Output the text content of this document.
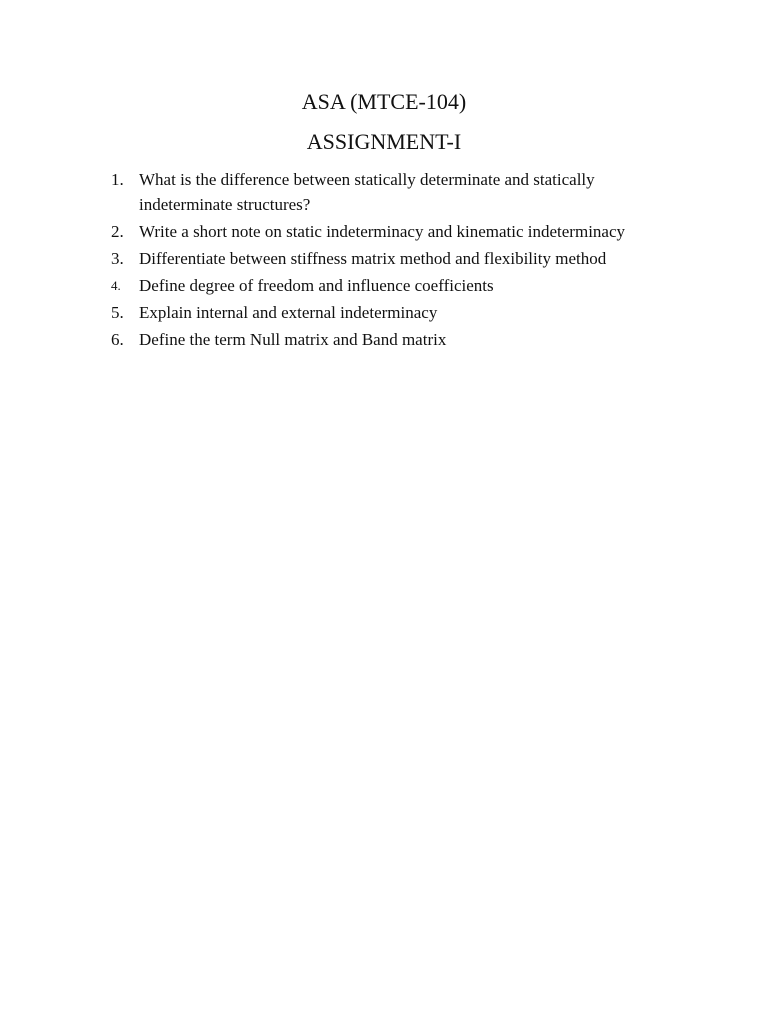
ASA (MTCE-104)
ASSIGNMENT-I
1. What is the difference between statically determinate and statically indeterminate structures?
2. Write a short note on static indeterminacy and kinematic indeterminacy
3. Differentiate between stiffness matrix method and flexibility method
4.	Define degree of freedom and influence coefficients
5. Explain internal and external indeterminacy
6. Define the term Null matrix and Band matrix
